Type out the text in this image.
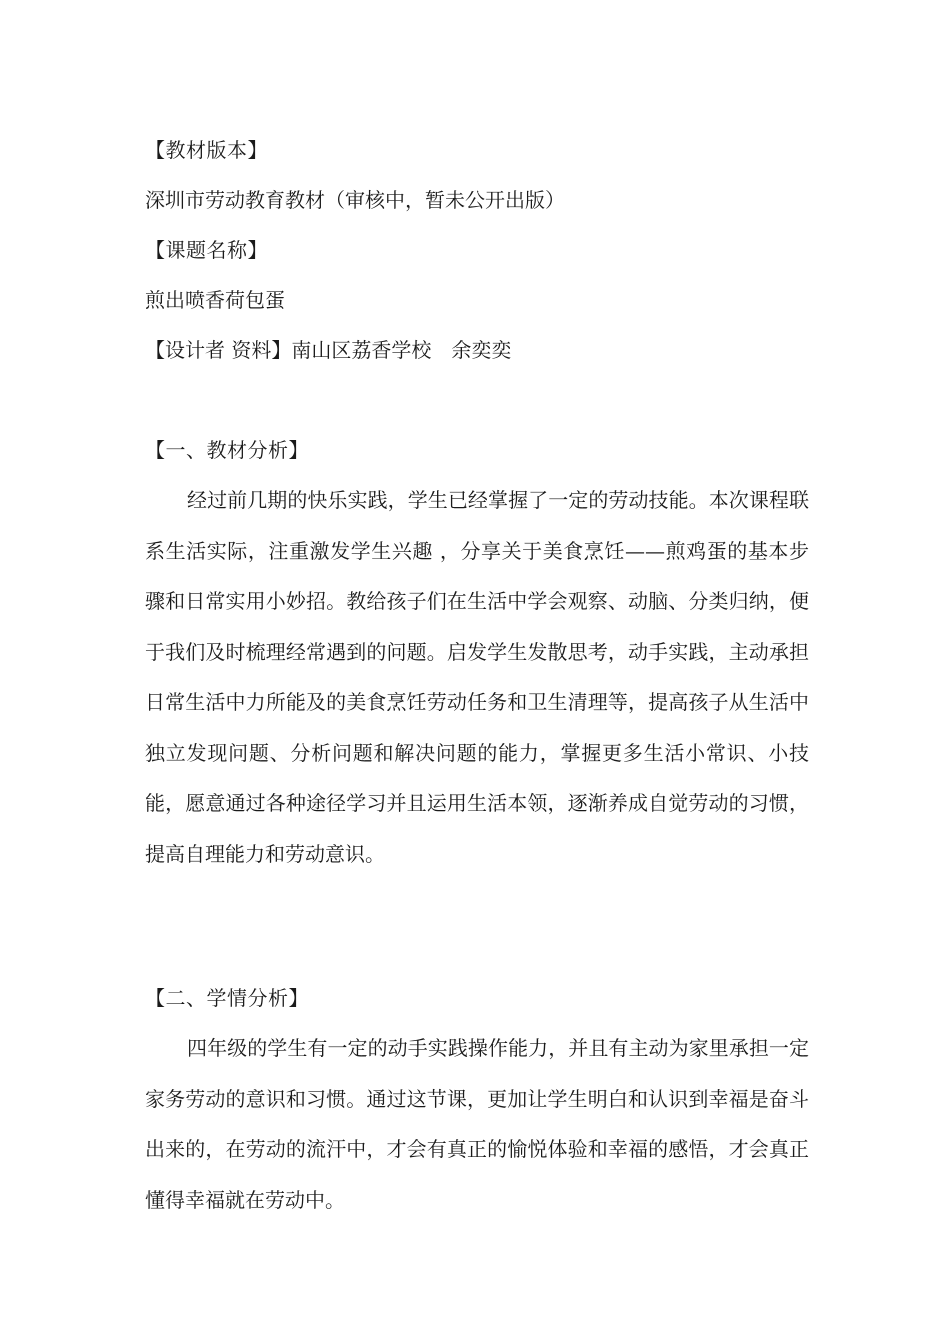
【教材版本】
深圳市劳动教育教材（审核中，暂未公开出版）
【课题名称】
煎出喷香荷包蛋
【设计者 资料】南山区荔香学校　余奕奕
【一、教材分析】

经过前几期的快乐实践，学生已经掌握了一定的劳动技能。本次课程联系生活实际，注重激发学生兴趣 ，分享关于美食烹饪——煎鸡蛋的基本步骤和日常实用小妙招。教给孩子们在生活中学会观察、动脑、分类归纳，便于我们及时梳理经常遇到的问题。启发学生发散思考，动手实践，主动承担日常生活中力所能及的美食烹饪劳动任务和卫生清理等，提高孩子从生活中独立发现问题、分析问题和解决问题的能力，掌握更多生活小常识、小技能，愿意通过各种途径学习并且运用生活本领，逐渐养成自觉劳动的习惯，提高自理能力和劳动意识。

【二、学情分析】

四年级的学生有一定的动手实践操作能力，并且有主动为家里承担一定家务劳动的意识和习惯。通过这节课，更加让学生明白和认识到幸福是奋斗出来的，在劳动的流汗中，才会有真正的愉悦体验和幸福的感悟，才会真正懂得幸福就在劳动中。
